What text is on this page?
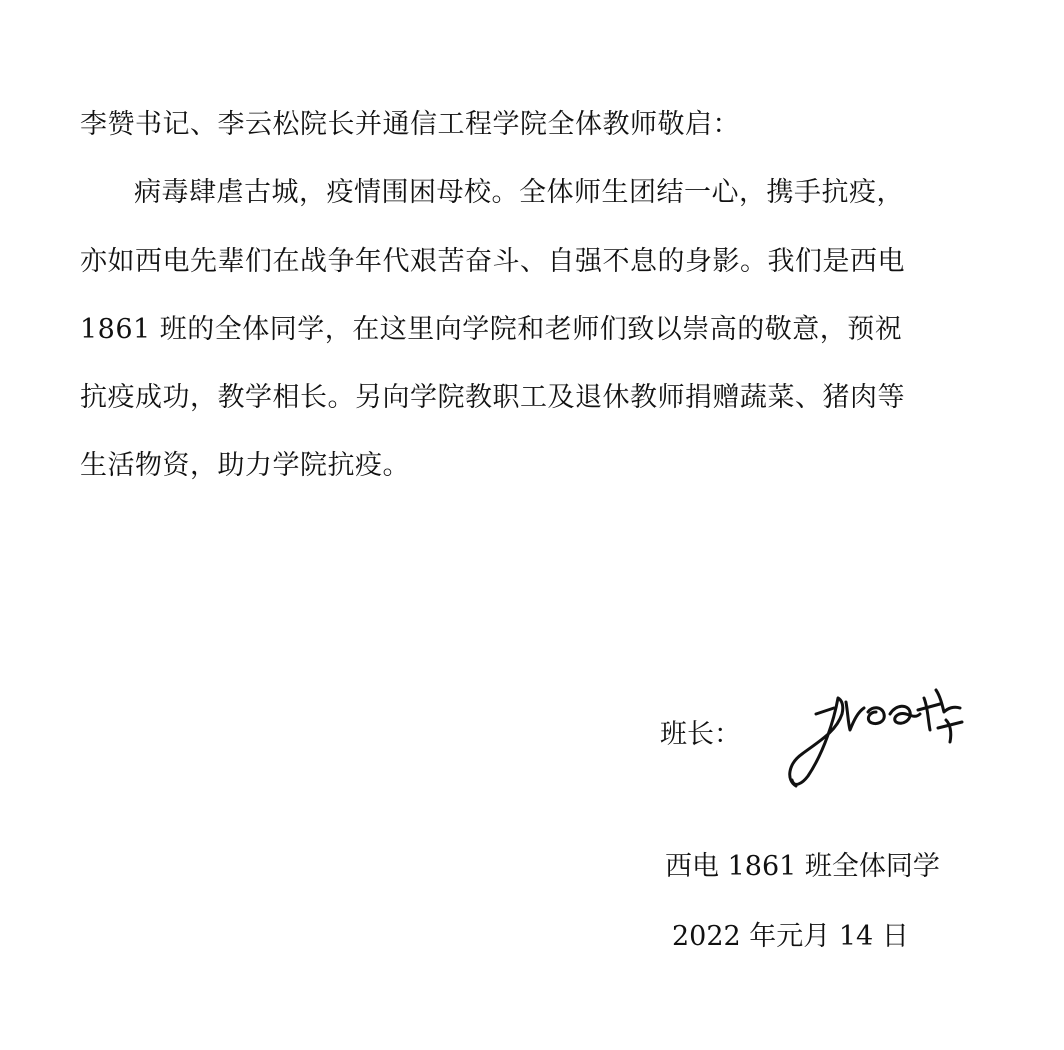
李赞书记、李云松院长并通信工程学院全体教师敬启：
病毒肆虐古城，疫情围困母校。全体师生团结一心，携手抗疫，
亦如西电先辈们在战争年代艰苦奋斗、自强不息的身影。我们是西电
1861 班的全体同学，在这里向学院和老师们致以崇高的敬意，预祝
抗疫成功，教学相长。另向学院教职工及退休教师捐赠蔬菜、猪肉等
生活物资，助力学院抗疫。
班长：
西电 1861 班全体同学
2022 年元月 14 日
